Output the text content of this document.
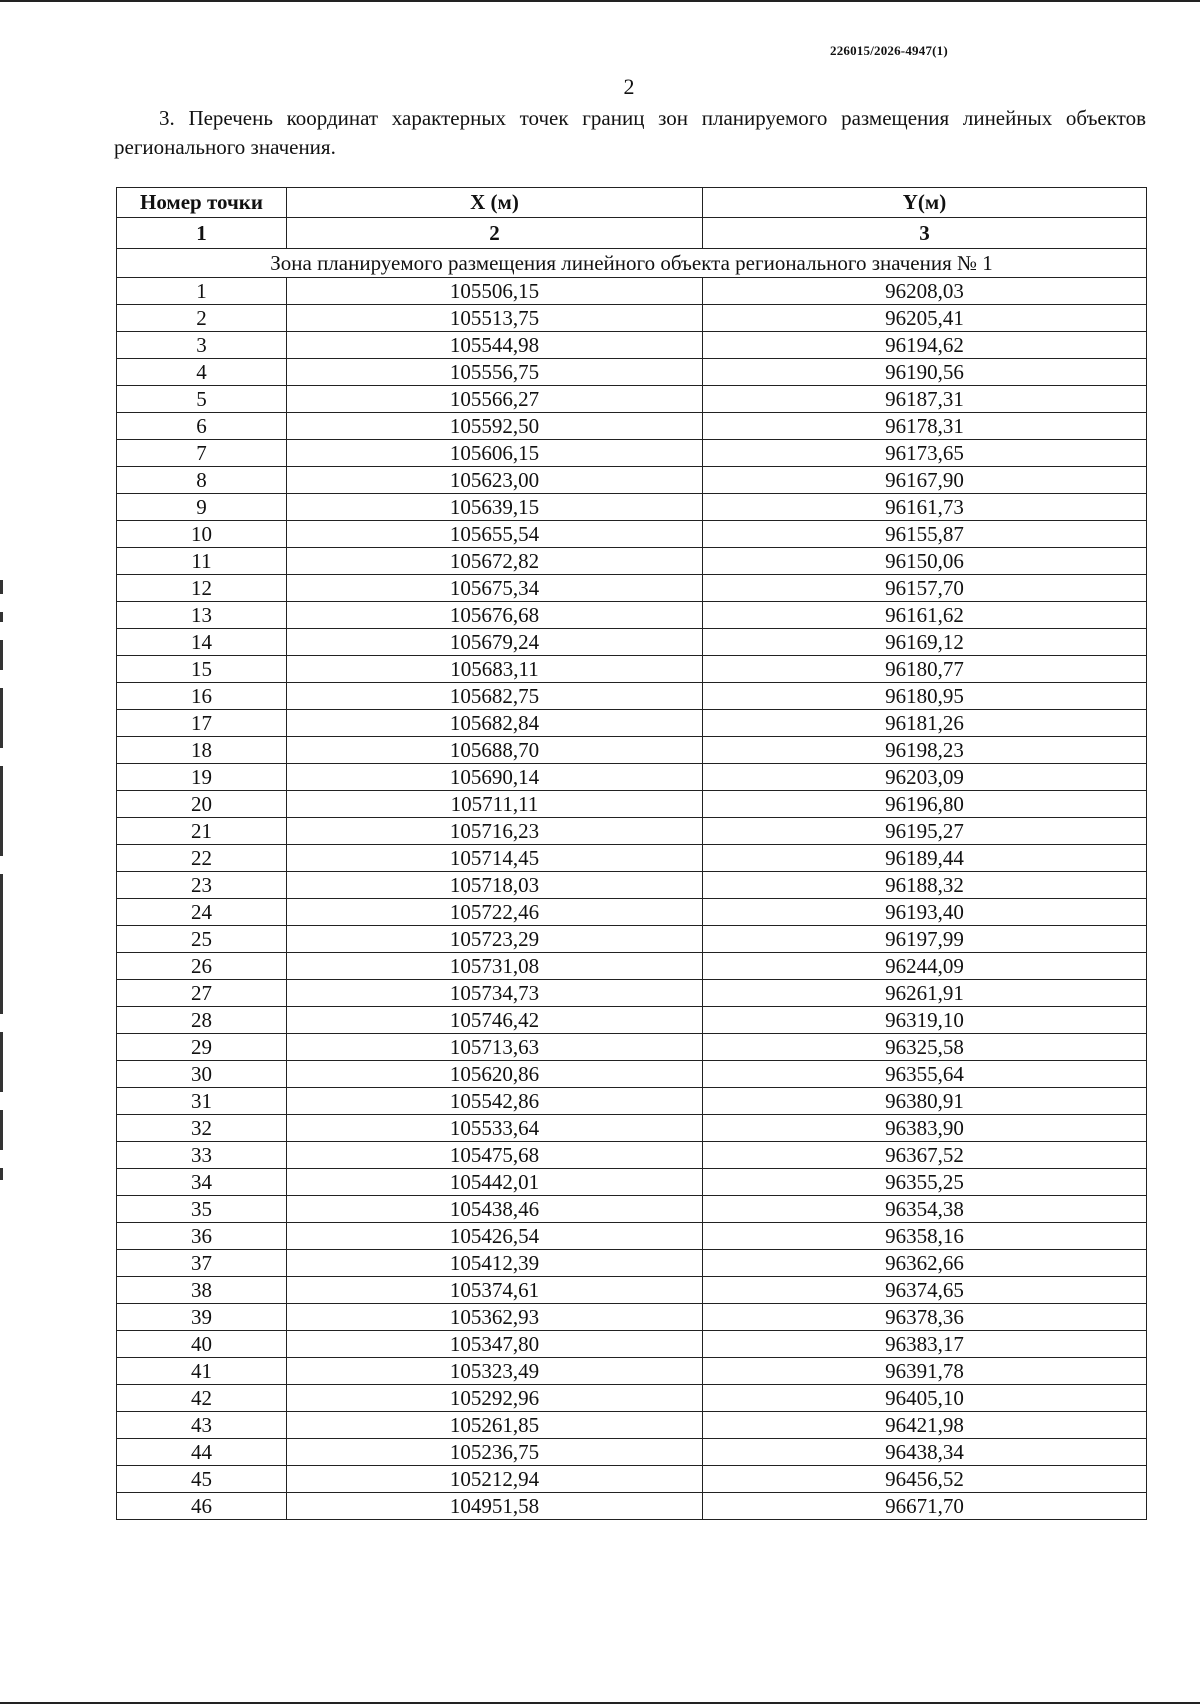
226015/2026-4947(1)
2
3. Перечень координат характерных точек границ зон планируемого размещения линейных объектов регионального значения.
Номер точки	X (м)	Y(м)
1	2	3
Зона планируемого размещения линейного объекта регионального значения № 1		
1	105506,15	96208,03
2	105513,75	96205,41
3	105544,98	96194,62
4	105556,75	96190,56
5	105566,27	96187,31
6	105592,50	96178,31
7	105606,15	96173,65
8	105623,00	96167,90
9	105639,15	96161,73
10	105655,54	96155,87
11	105672,82	96150,06
12	105675,34	96157,70
13	105676,68	96161,62
14	105679,24	96169,12
15	105683,11	96180,77
16	105682,75	96180,95
17	105682,84	96181,26
18	105688,70	96198,23
19	105690,14	96203,09
20	105711,11	96196,80
21	105716,23	96195,27
22	105714,45	96189,44
23	105718,03	96188,32
24	105722,46	96193,40
25	105723,29	96197,99
26	105731,08	96244,09
27	105734,73	96261,91
28	105746,42	96319,10
29	105713,63	96325,58
30	105620,86	96355,64
31	105542,86	96380,91
32	105533,64	96383,90
33	105475,68	96367,52
34	105442,01	96355,25
35	105438,46	96354,38
36	105426,54	96358,16
37	105412,39	96362,66
38	105374,61	96374,65
39	105362,93	96378,36
40	105347,80	96383,17
41	105323,49	96391,78
42	105292,96	96405,10
43	105261,85	96421,98
44	105236,75	96438,34
45	105212,94	96456,52
46	104951,58	96671,70
